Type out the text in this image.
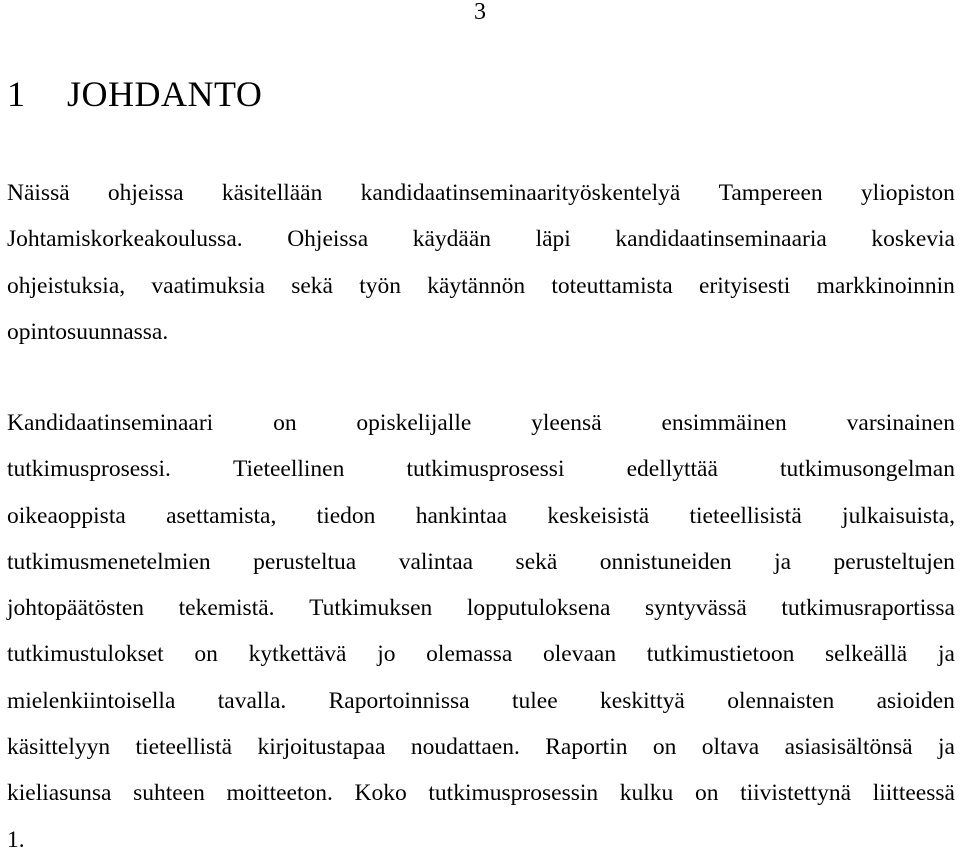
3
1 JOHDANTO
Näissä ohjeissa käsitellään kandidaatinseminaarityöskentelyä Tampereen yliopiston
Johtamiskorkeakoulussa. Ohjeissa käydään läpi kandidaatinseminaaria koskevia
ohjeistuksia, vaatimuksia sekä työn käytännön toteuttamista erityisesti markkinoinnin
opintosuunnassa.
Kandidaatinseminaari	on	opiskelijalle	yleensä	ensimmäinen	varsinainen
tutkimusprosessi.	Tieteellinen	tutkimusprosessi	edellyttää	tutkimusongelman
oikeaoppista asettamista, tiedon hankintaa keskeisistä tieteellisistä julkaisuista,
tutkimusmenetelmien perusteltua valintaa sekä onnistuneiden ja perusteltujen
johtopäätösten tekemistä. Tutkimuksen lopputuloksena syntyvässä tutkimusraportissa
tutkimustulokset on kytkettävä jo olemassa olevaan tutkimustietoon selkeällä ja
mielenkiintoisella tavalla. Raportoinnissa tulee keskittyä olennaisten asioiden
käsittelyyn tieteellistä kirjoitustapaa noudattaen. Raportin on oltava asiasisältönsä ja
kieliasunsa suhteen moitteeton. Koko tutkimusprosessin kulku on tiivistettynä liitteessä
1.
